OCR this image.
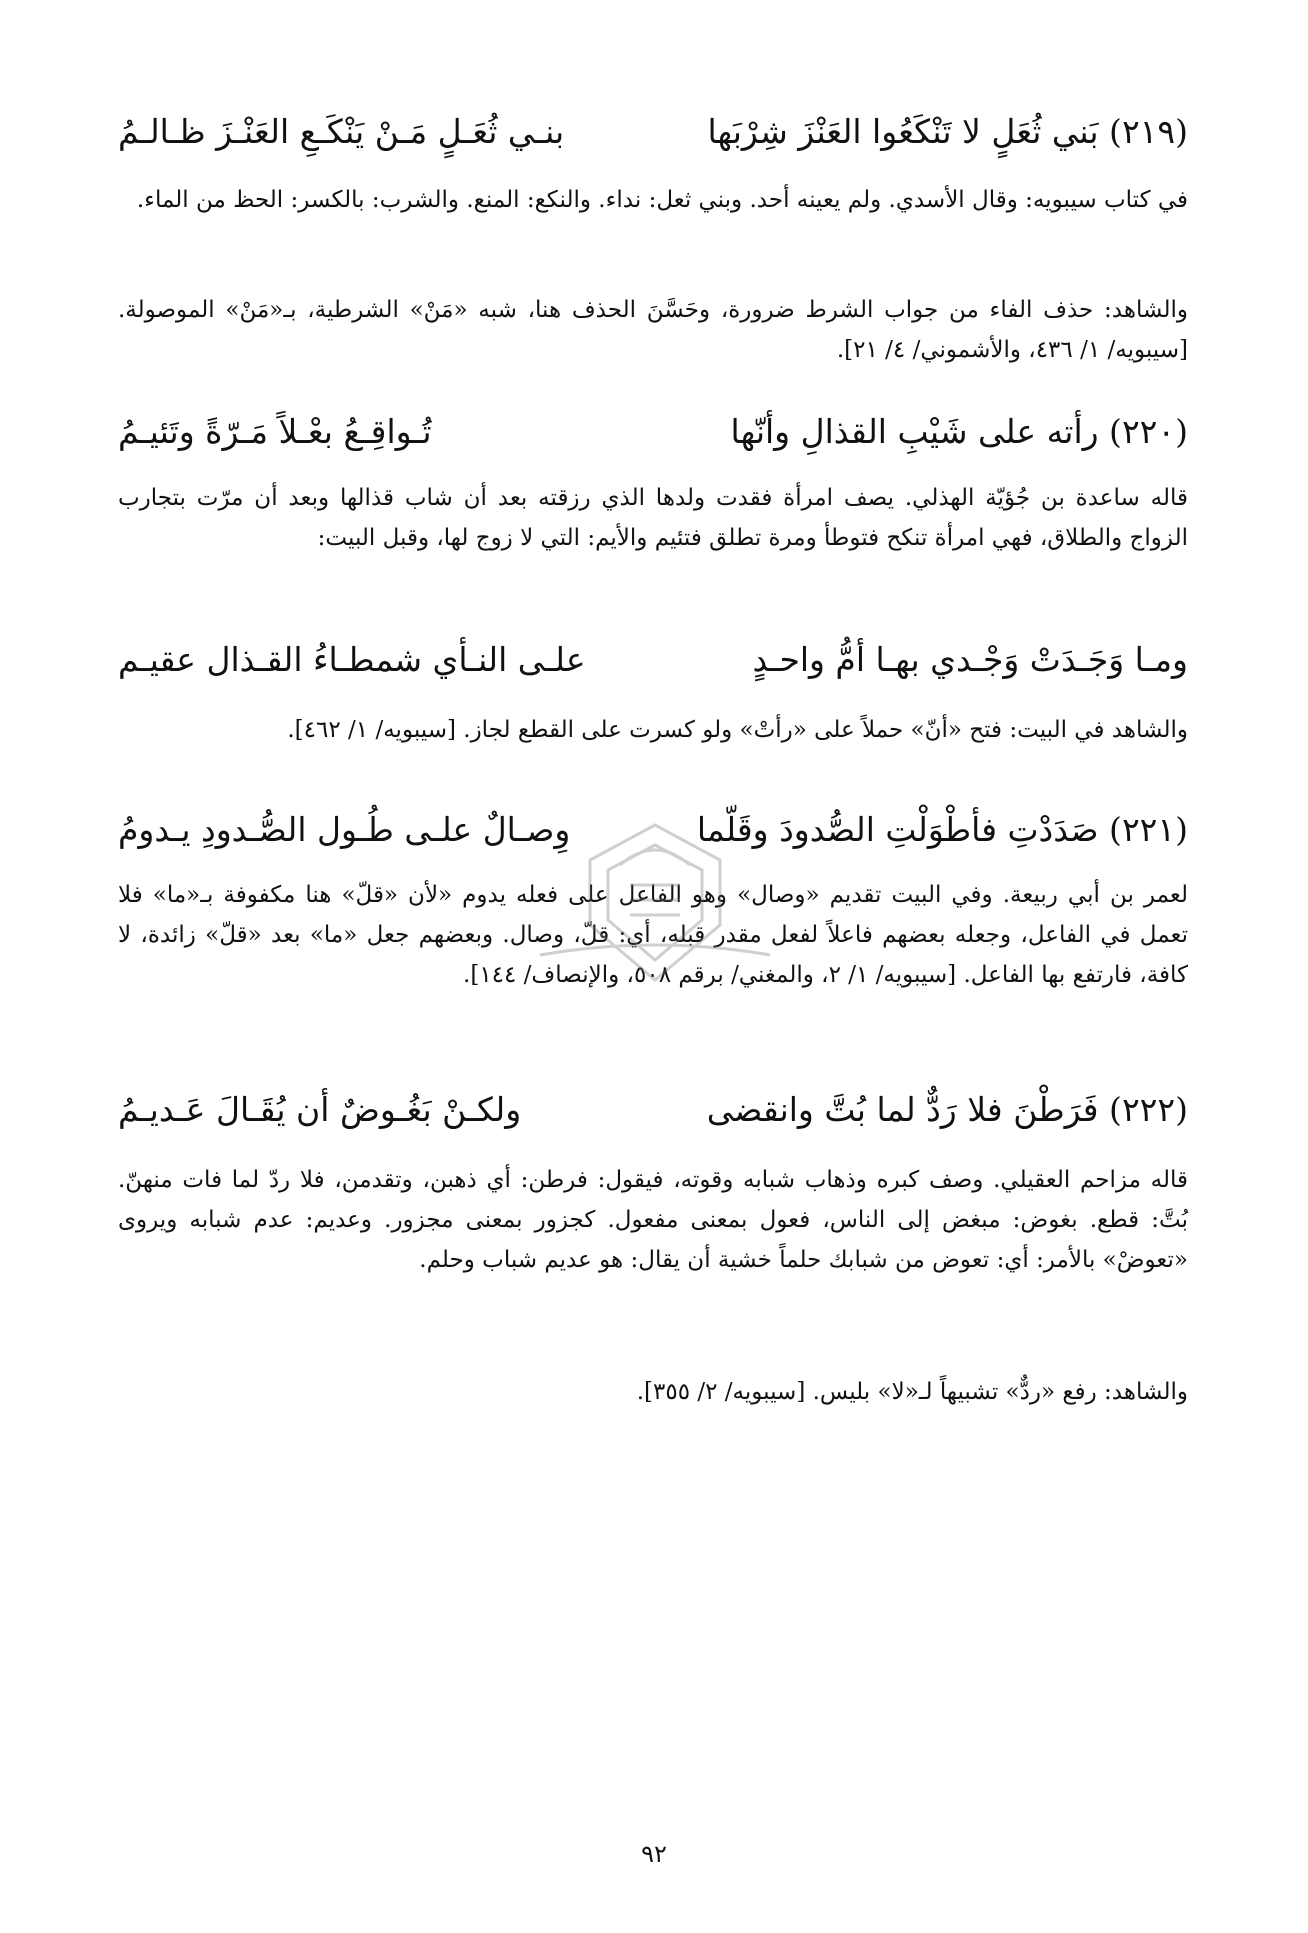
(٢١٩) بَني ثُعَلٍ لا تَنْكَعُوا العَنْزَ شِرْبَها
بنـي ثُعَـلٍ مَـنْ يَنْكَـعِ العَنْـزَ ظـالـمُ

في كتاب سيبويه: وقال الأسدي. ولم يعينه أحد. وبني ثعل: نداء. والنكع: المنع. والشرب: بالكسر: الحظ من الماء.

والشاهد: حذف الفاء من جواب الشرط ضرورة، وحَسَّنَ الحذف هنا، شبه «مَنْ» الشرطية، بـ«مَنْ» الموصولة. [سيبويه/ ١/ ٤٣٦، والأشموني/ ٤/ ٢١].

(٢٢٠) رأته على شَيْبِ القذالِ وأنّها
تُـواقِـعُ بعْـلاً مَـرّةً وتَئيـمُ

قاله ساعدة بن جُؤيّة الهذلي. يصف امرأة فقدت ولدها الذي رزقته بعد أن شاب قذالها وبعد أن مرّت بتجارب الزواج والطلاق، فهي امرأة تنكح فتوطأ ومرة تطلق فتئيم والأيم: التي لا زوج لها، وقبل البيت:

ومـا وَجَـدَتْ وَجْـدي بهـا أمُّ واحـدٍ
علـى النـأي شمطـاءُ القـذال عقيـم

والشاهد في البيت: فتح «أنّ» حملاً على «رأتْ» ولو كسرت على القطع لجاز. [سيبويه/ ١/ ٤٦٢].

(٢٢١) صَدَدْتِ فأطْوَلْتِ الصُّدودَ وقَلّما
وِصـالٌ علـى طُـول الصُّـدودِ يـدومُ

لعمر بن أبي ربيعة. وفي البيت تقديم «وصال» وهو الفاعل على فعله يدوم «لأن «قلّ» هنا مكفوفة بـ«ما» فلا تعمل في الفاعل، وجعله بعضهم فاعلاً لفعل مقدر قبله، أي: قلّ، وصال. وبعضهم جعل «ما» بعد «قلّ» زائدة، لا كافة، فارتفع بها الفاعل. [سيبويه/ ١/ ٢، والمغني/ برقم ٥٠٨، والإنصاف/ ١٤٤].

(٢٢٢) فَرَطْنَ فلا رَدٌّ لما بُتَّ وانقضى
ولكـنْ بَغُـوضٌ أن يُقَـالَ عَـديـمُ

قاله مزاحم العقيلي. وصف كبره وذهاب شبابه وقوته، فيقول: فرطن: أي ذهبن، وتقدمن، فلا ردّ لما فات منهنّ. بُتَّ: قطع. بغوض: مبغض إلى الناس، فعول بمعنى مفعول. كجزور بمعنى مجزور. وعديم: عدم شبابه ويروى «تعوضْ» بالأمر: أي: تعوض من شبابك حلماً خشية أن يقال: هو عديم شباب وحلم.

والشاهد: رفع «ردٌّ» تشبيهاً لـ«لا» بليس. [سيبويه/ ٢/ ٣٥٥].

٩٢
